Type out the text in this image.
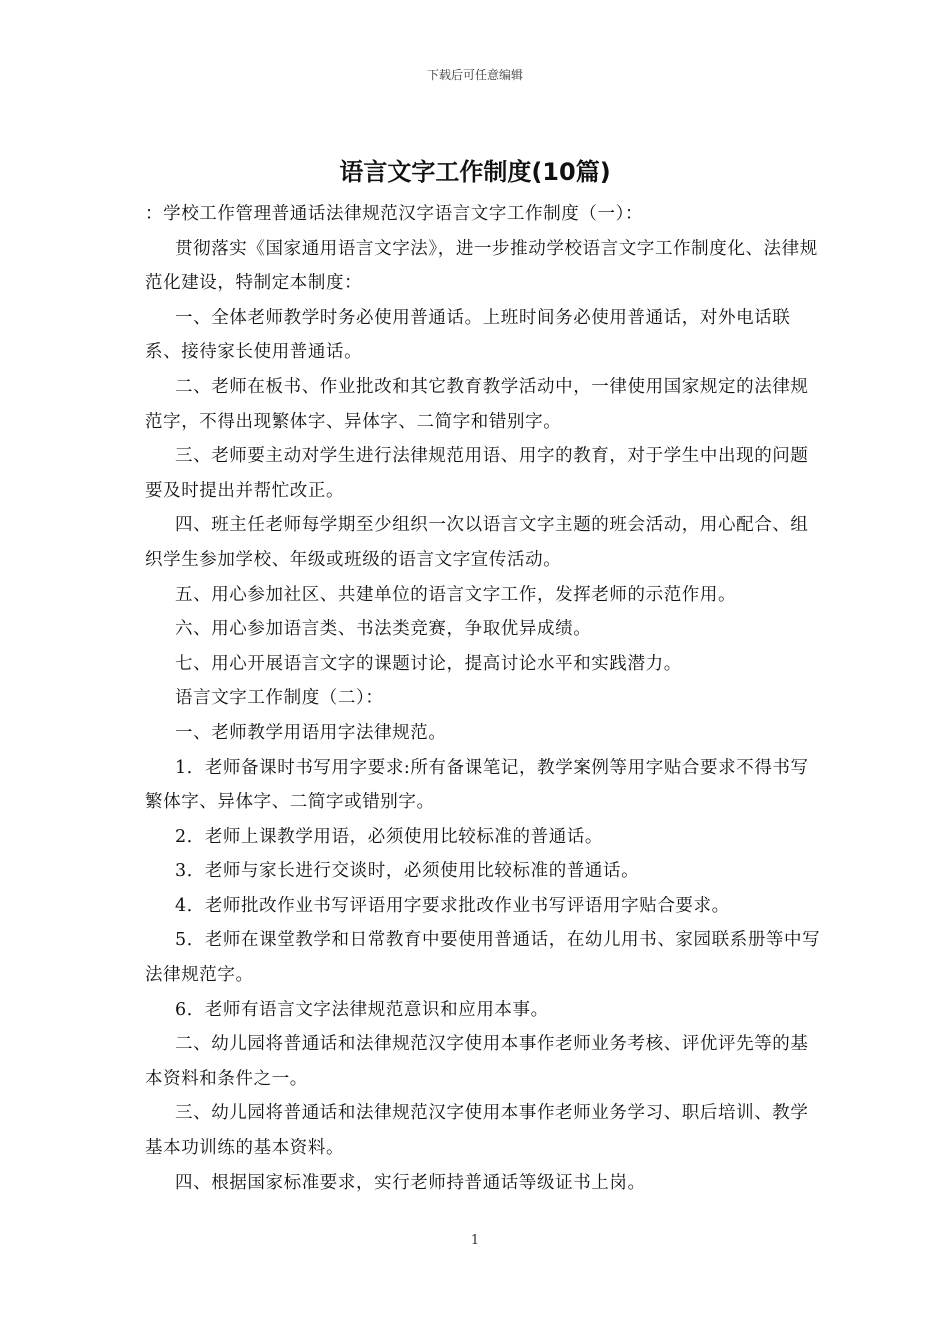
下载后可任意编辑
语言文字工作制度(10篇)

：学校工作管理普通话法律规范汉字语言文字工作制度（一）：

贯彻落实《国家通用语言文字法》，进一步推动学校语言文字工作制度化、法律规范化建设，特制定本制度：

一、全体老师教学时务必使用普通话。上班时间务必使用普通话，对外电话联系、接待家长使用普通话。

二、老师在板书、作业批改和其它教育教学活动中，一律使用国家规定的法律规范字，不得出现繁体字、异体字、二简字和错别字。

三、老师要主动对学生进行法律规范用语、用字的教育，对于学生中出现的问题要及时提出并帮忙改正。

四、班主任老师每学期至少组织一次以语言文字主题的班会活动，用心配合、组织学生参加学校、年级或班级的语言文字宣传活动。

五、用心参加社区、共建单位的语言文字工作，发挥老师的示范作用。

六、用心参加语言类、书法类竞赛，争取优异成绩。

七、用心开展语言文字的课题讨论，提高讨论水平和实践潜力。

语言文字工作制度（二）：

一、老师教学用语用字法律规范。

1．老师备课时书写用字要求:所有备课笔记，教学案例等用字贴合要求不得书写繁体字、异体字、二简字或错别字。

2．老师上课教学用语，必须使用比较标准的普通话。

3．老师与家长进行交谈时，必须使用比较标准的普通话。

4．老师批改作业书写评语用字要求批改作业书写评语用字贴合要求。

5．老师在课堂教学和日常教育中要使用普通话，在幼儿用书、家园联系册等中写法律规范字。

6．老师有语言文字法律规范意识和应用本事。

二、幼儿园将普通话和法律规范汉字使用本事作老师业务考核、评优评先等的基本资料和条件之一。

三、幼儿园将普通话和法律规范汉字使用本事作老师业务学习、职后培训、教学基本功训练的基本资料。

四、根据国家标准要求，实行老师持普通话等级证书上岗。

1
